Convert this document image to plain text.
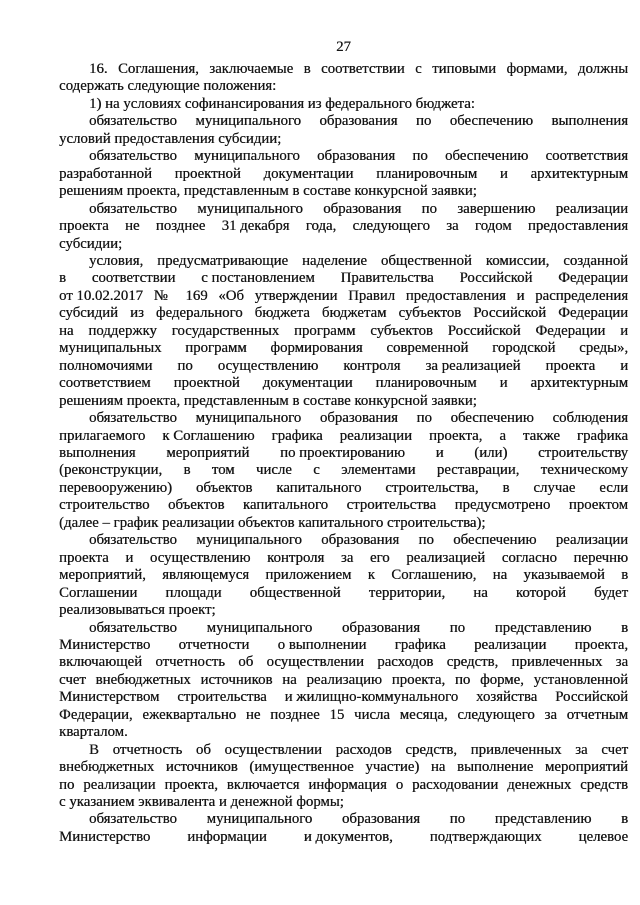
27

16. Соглашения, заключаемые в соответствии с типовыми формами, должны
содержать следующие положения:

1) на условиях софинансирования из федерального бюджета:

обязательство муниципального образования по обеспечению выполнения
условий предоставления субсидии;

обязательство муниципального образования по обеспечению соответствия
разработанной проектной документации планировочным и архитектурным
решениям проекта, представленным в составе конкурсной заявки;

обязательство муниципального образования по завершению реализации
проекта не позднее 31 декабря года, следующего за годом предоставления
субсидии;

условия, предусматривающие наделение общественной комиссии, созданной
в соответствии с постановлением Правительства Российской Федерации
от 10.02.2017 № 169 «Об утверждении Правил предоставления и распределения
субсидий из федерального бюджета бюджетам субъектов Российской Федерации
на поддержку государственных программ субъектов Российской Федерации и
муниципальных программ формирования современной городской среды»,
полномочиями по осуществлению контроля за реализацией проекта и
соответствием проектной документации планировочным и архитектурным
решениям проекта, представленным в составе конкурсной заявки;

обязательство муниципального образования по обеспечению соблюдения
прилагаемого к Соглашению графика реализации проекта, а также графика
выполнения мероприятий по проектированию и (или) строительству
(реконструкции, в том числе с элементами реставрации, техническому
перевооружению) объектов капитального строительства, в случае если
строительство объектов капитального строительства предусмотрено проектом
(далее – график реализации объектов капитального строительства);

обязательство муниципального образования по обеспечению реализации
проекта и осуществлению контроля за его реализацией согласно перечню
мероприятий, являющемуся приложением к Соглашению, на указываемой в
Соглашении площади общественной территории, на которой будет
реализовываться проект;

обязательство муниципального образования по представлению в
Министерство отчетности о выполнении графика реализации проекта,
включающей отчетность об осуществлении расходов средств, привлеченных за
счет внебюджетных источников на реализацию проекта, по форме, установленной
Министерством строительства и жилищно-коммунального хозяйства Российской
Федерации, ежеквартально не позднее 15 числа месяца, следующего за отчетным
кварталом.

В отчетность об осуществлении расходов средств, привлеченных за счет
внебюджетных источников (имущественное участие) на выполнение мероприятий
по реализации проекта, включается информация о расходовании денежных средств
с указанием эквивалента и денежной формы;

обязательство муниципального образования по представлению в
Министерство информации и документов, подтверждающих целевое
